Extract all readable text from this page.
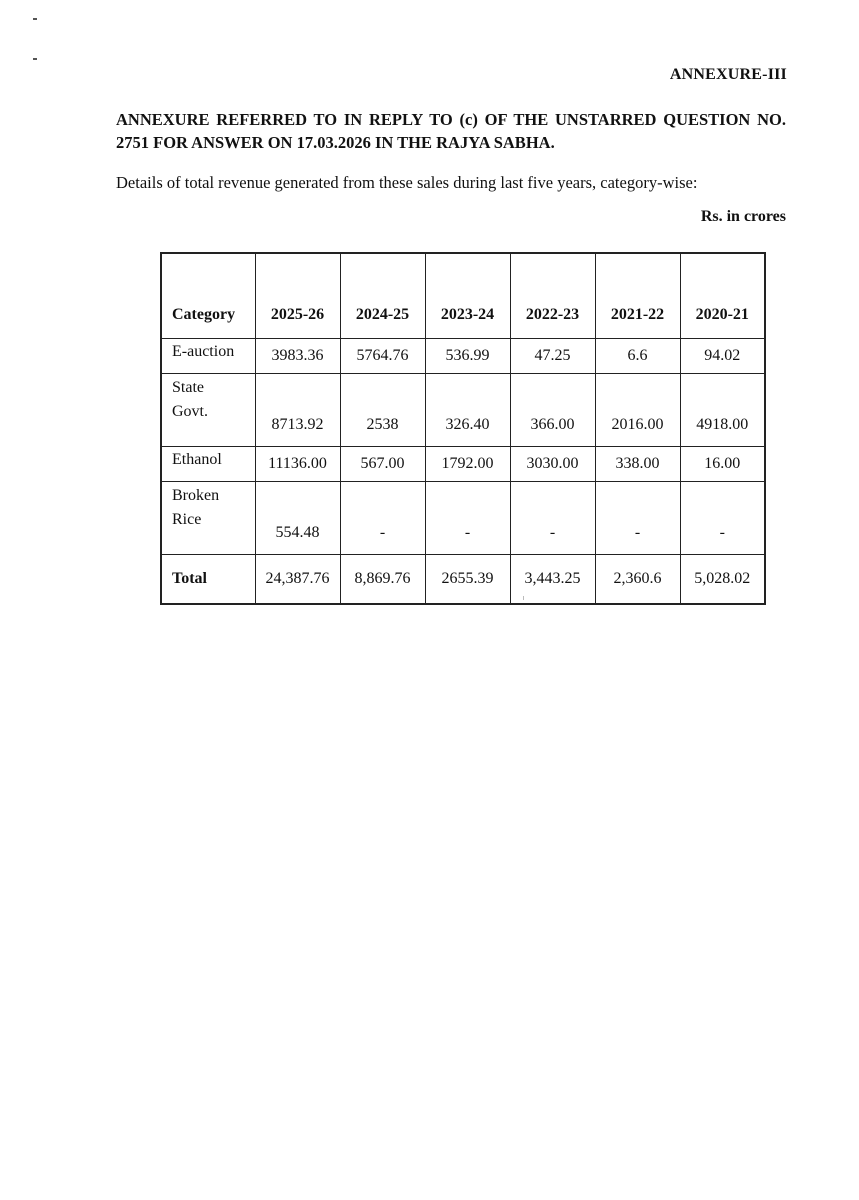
ANNEXURE-III
ANNEXURE REFERRED TO IN REPLY TO (c) OF THE UNSTARRED QUESTION NO. 2751 FOR ANSWER ON 17.03.2026 IN THE RAJYA SABHA.
Details of total revenue generated from these sales during last five years, category-wise:
Rs. in crores
Category	2025-26	2024-25	2023-24	2022-23	2021-22	2020-21
E-auction	3983.36	5764.76	536.99	47.25	6.6	94.02
State
Govt.	8713.92	2538	326.40	366.00	2016.00	4918.00
Ethanol	11136.00	567.00	1792.00	3030.00	338.00	16.00
Broken
Rice	554.48	-	-	-	-	-
Total	24,387.76	8,869.76	2655.39	3,443.25	2,360.6	5,028.02
